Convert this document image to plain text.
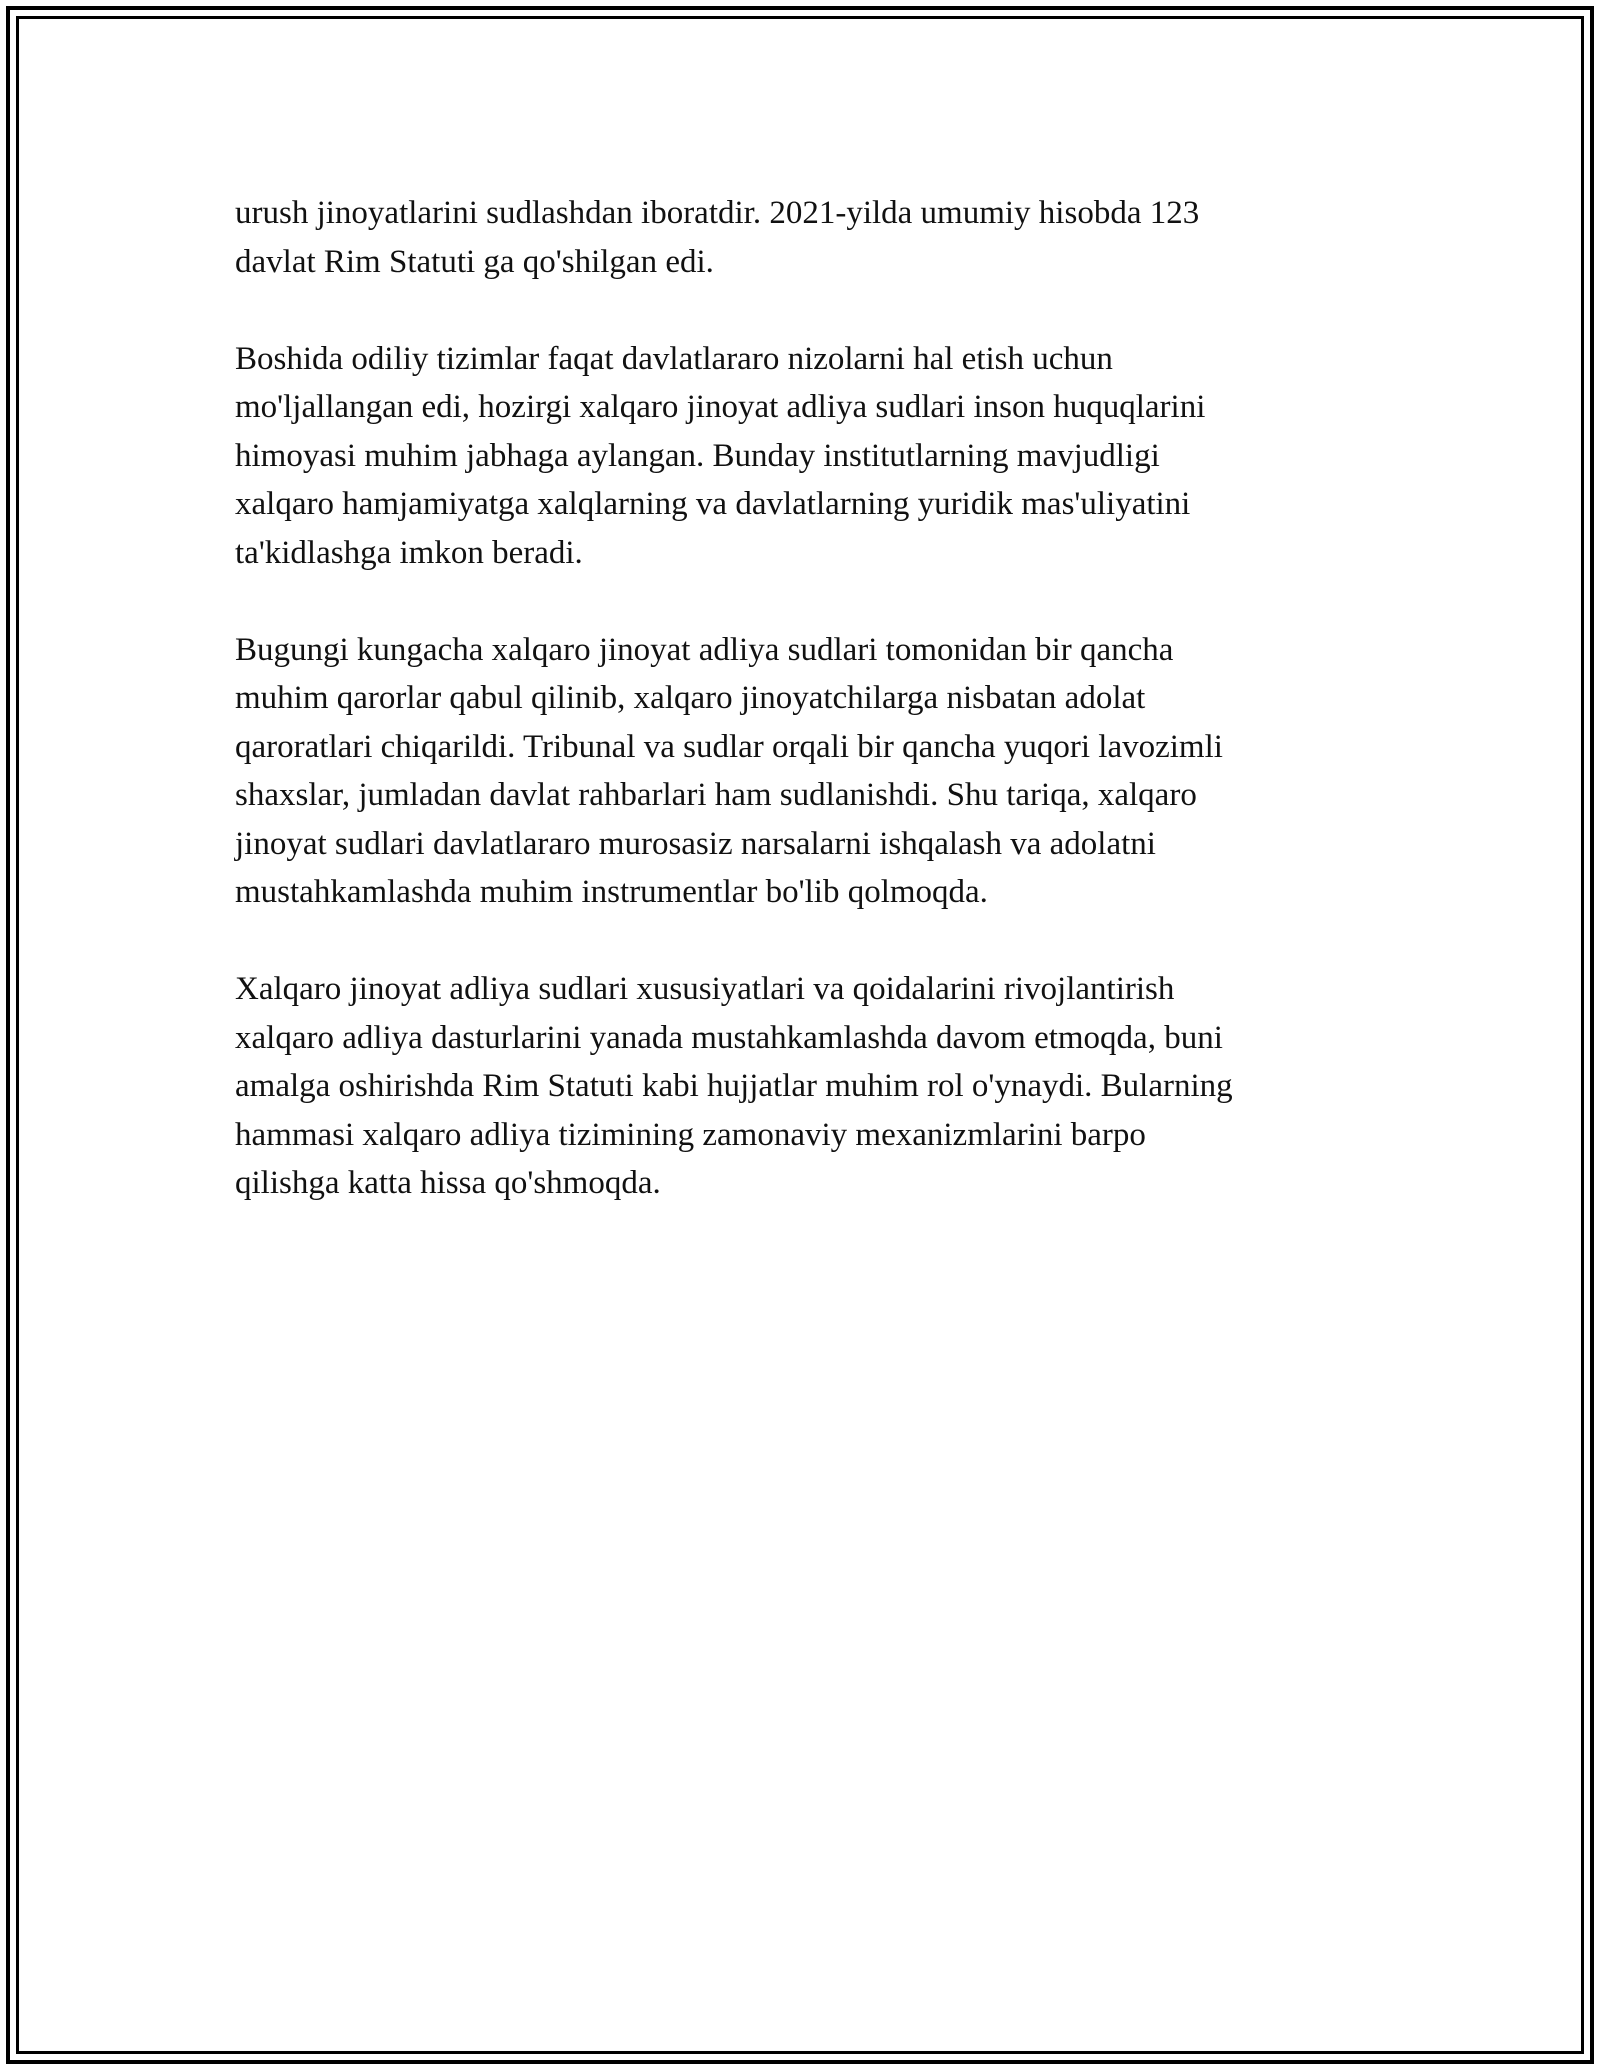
urush jinoyatlarini sudlashdan iboratdir. 2021-yilda umumiy hisobda 123
davlat Rim Statuti ga qo'shilgan edi.

Boshida odiliy tizimlar faqat davlatlararo nizolarni hal etish uchun
mo'ljallangan edi, hozirgi xalqaro jinoyat adliya sudlari inson huquqlarini
himoyasi muhim jabhaga aylangan. Bunday institutlarning mavjudligi
xalqaro hamjamiyatga xalqlarning va davlatlarning yuridik mas'uliyatini
ta'kidlashga imkon beradi.

Bugungi kungacha xalqaro jinoyat adliya sudlari tomonidan bir qancha
muhim qarorlar qabul qilinib, xalqaro jinoyatchilarga nisbatan adolat
qaroratlari chiqarildi. Tribunal va sudlar orqali bir qancha yuqori lavozimli
shaxslar, jumladan davlat rahbarlari ham sudlanishdi. Shu tariqa, xalqaro
jinoyat sudlari davlatlararo murosasiz narsalarni ishqalash va adolatni
mustahkamlashda muhim instrumentlar bo'lib qolmoqda.

Xalqaro jinoyat adliya sudlari xususiyatlari va qoidalarini rivojlantirish
xalqaro adliya dasturlarini yanada mustahkamlashda davom etmoqda, buni
amalga oshirishda Rim Statuti kabi hujjatlar muhim rol o'ynaydi. Bularning
hammasi xalqaro adliya tizimining zamonaviy mexanizmlarini barpo
qilishga katta hissa qo'shmoqda.
